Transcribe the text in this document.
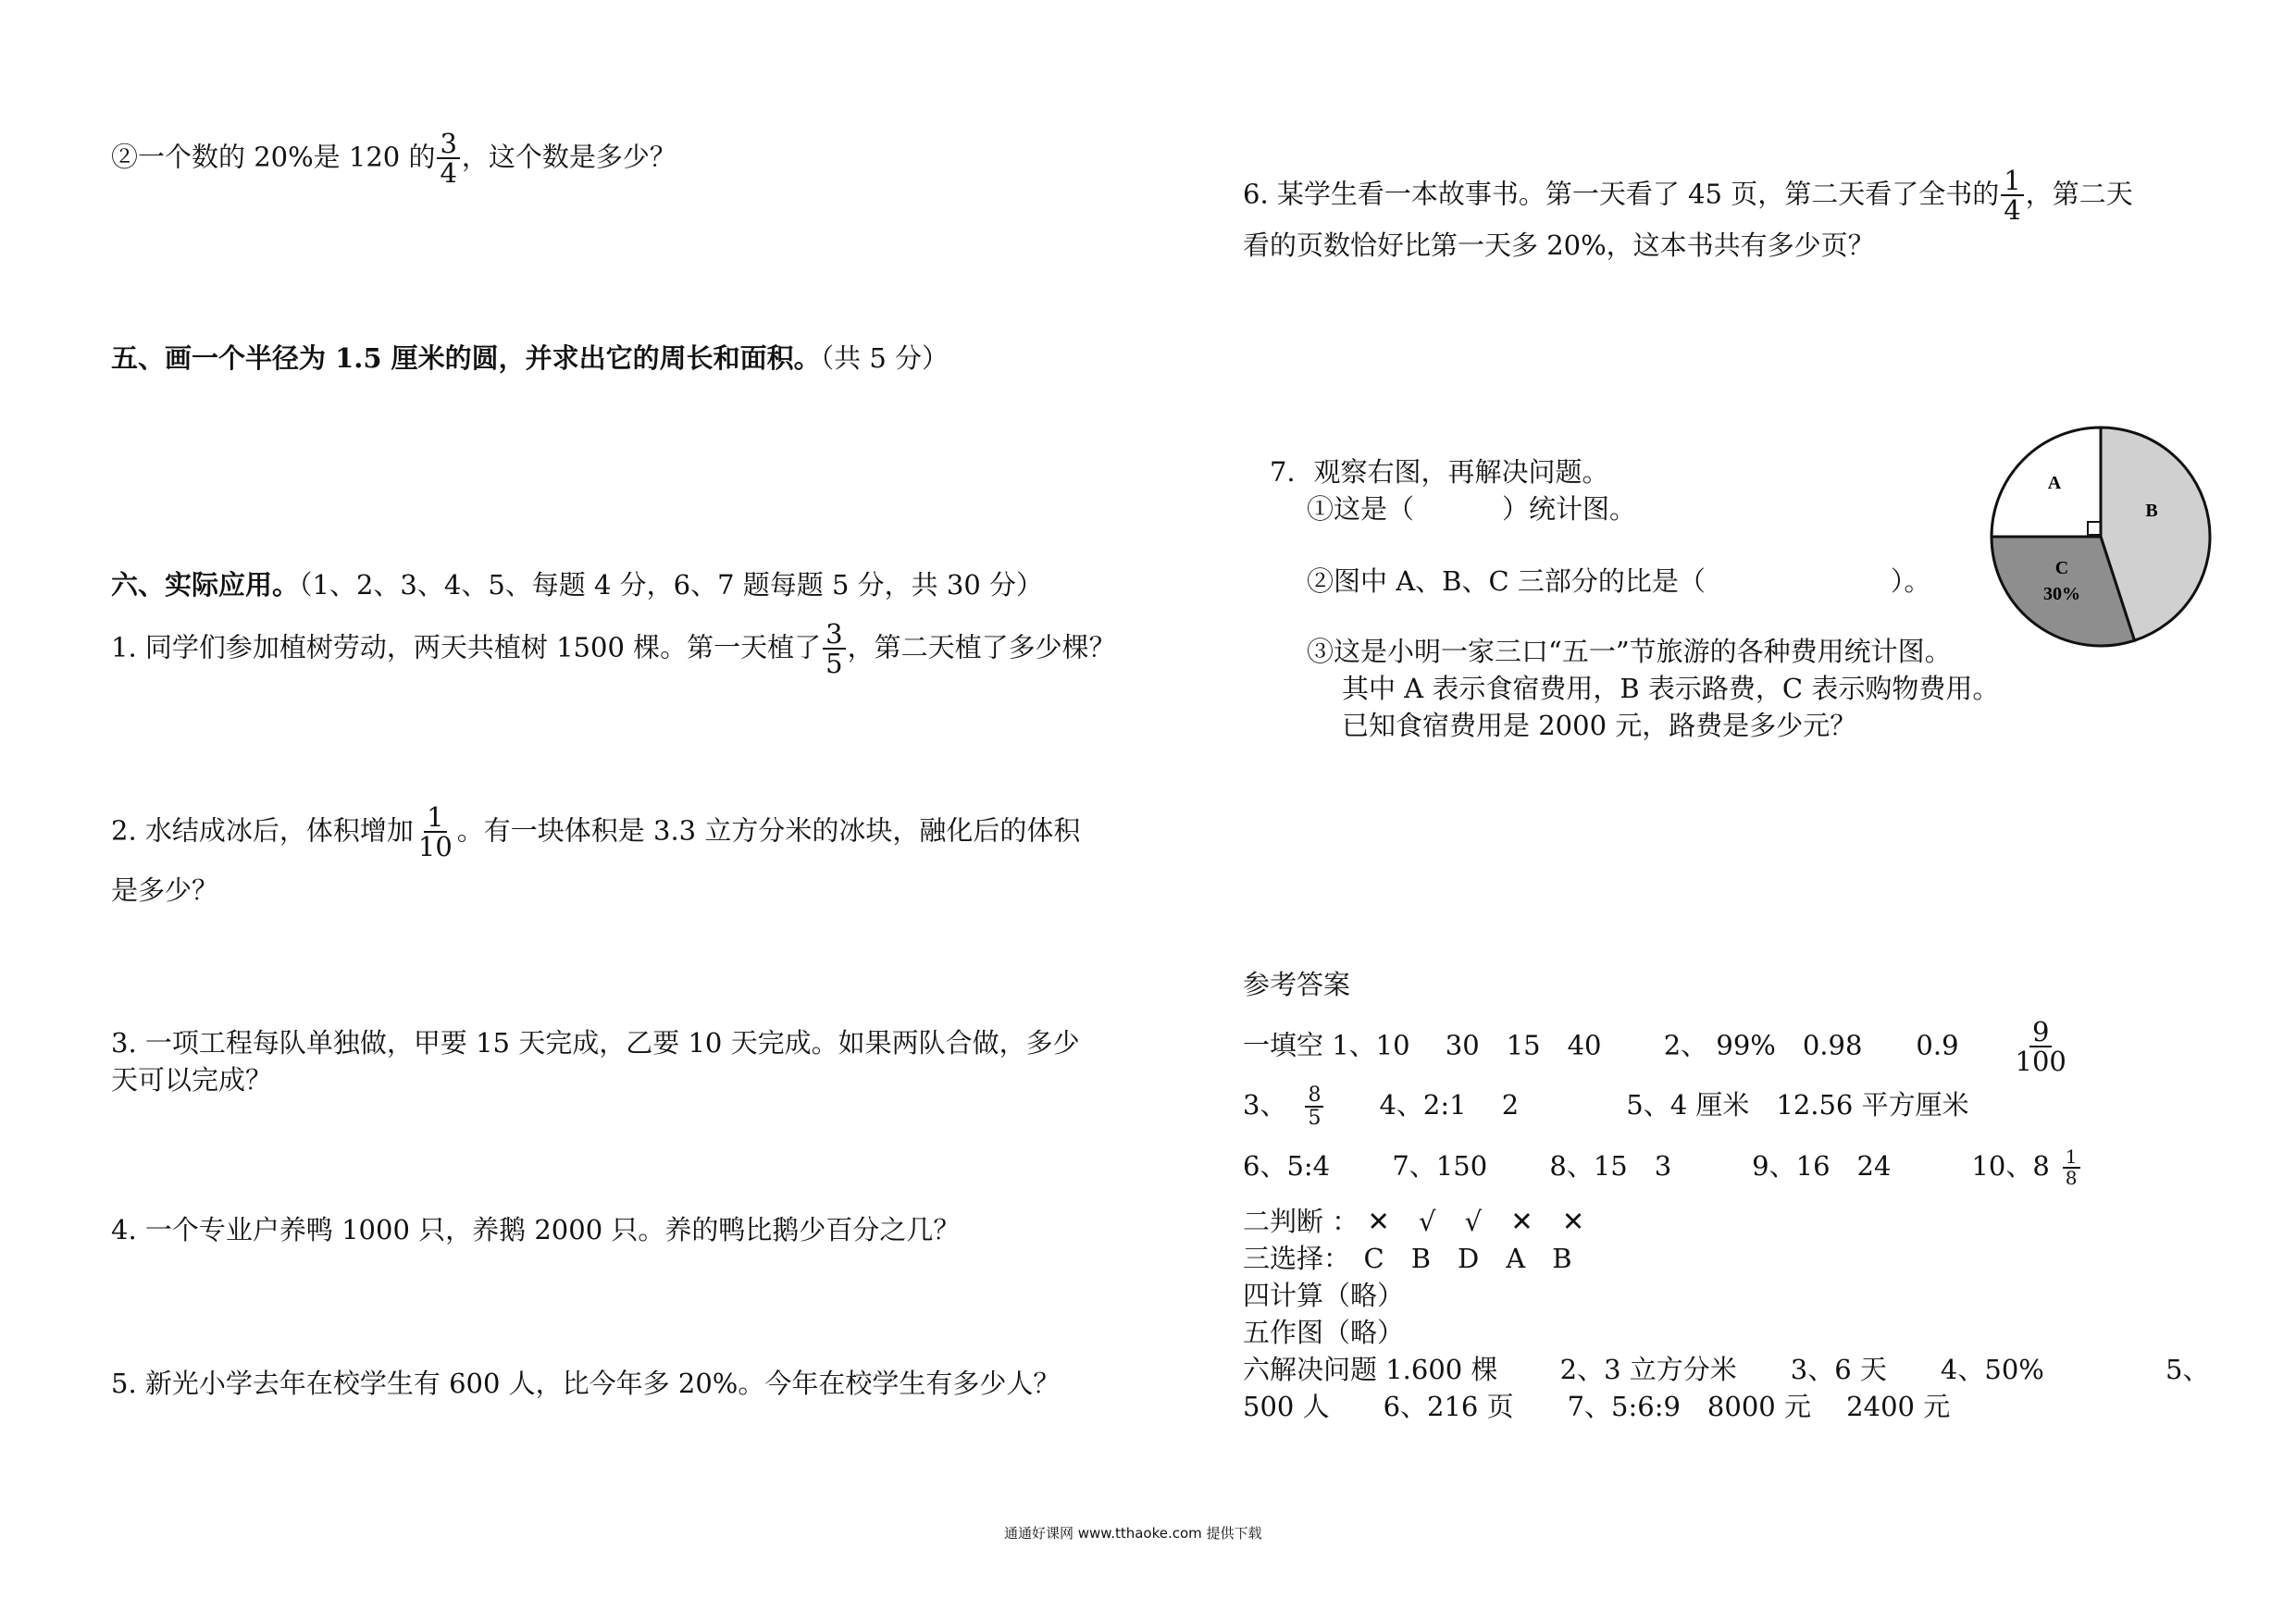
②一个数的 20%是 120 的 $\frac{3}{4}$ ，这个数是多少？
五、画一个半径为 1.5 厘米的圆，并求出它的周长和面积。（共 5 分）
六、实际应用。（1、2、3、4、5、每题 4 分，6、7 题每题 5 分，共 30 分）
1. 同学们参加植树劳动，两天共植树 1500 棵。第一天植了 $\frac{3}{5}$ ，第二天植了多少棵？
2. 水结成冰后，体积增加 $\frac{1}{10}$ 。有一块体积是 3.3 立方分米的冰块，融化后的体积
是多少？
3. 一项工程每队单独做，甲要 15 天完成，乙要 10 天完成。如果两队合做，多少
天可以完成？
4. 一个专业户养鸭 1000 只，养鹅 2000 只。养的鸭比鹅少百分之几？
5. 新光小学去年在校学生有 600 人，比今年多 20%。今年在校学生有多少人？
6. 某学生看一本故事书。第一天看了 45 页，第二天看了全书的 $\frac{1}{4}$ ，第二天
看的页数恰好比第一天多 20%，这本书共有多少页？
7．观察右图，再解决问题。
①这是（	）统计图。
②图中 A、B、C 三部分的比是（	）。
③这是小明一家三口“五一”节旅游的各种费用统计图。
其中 A 表示食宿费用，B 表示路费，C 表示购物费用。
已知食宿费用是 2000 元，路费是多少元？
A
B
C
30%
参考答案
一填空 1、10　 30　15　40　　 2、 99%　0.98　　$0.9 \frac{9}{100}$
3、 $\frac{8}{5} 4$、2:1　 2　　　　5、4 厘米　12.56 平方厘米
6、5:4　　 7、150　　 8、15　3　　　9、16　24　　　10、$8 \frac{1}{8}$
二判断 ： ✕ √ √ ✕ ✕
三选择：　C　B　D　A　B
四计算（略）
五作图（略）
六解决问题 1.600 棵　　 2、3 立方分米　　3、6 天　　4、50%	5、
500 人　　6、216 页　　7、5:6:9　8000 元　 2400 元
通通好课网 www.tthaoke.com 提供下载
